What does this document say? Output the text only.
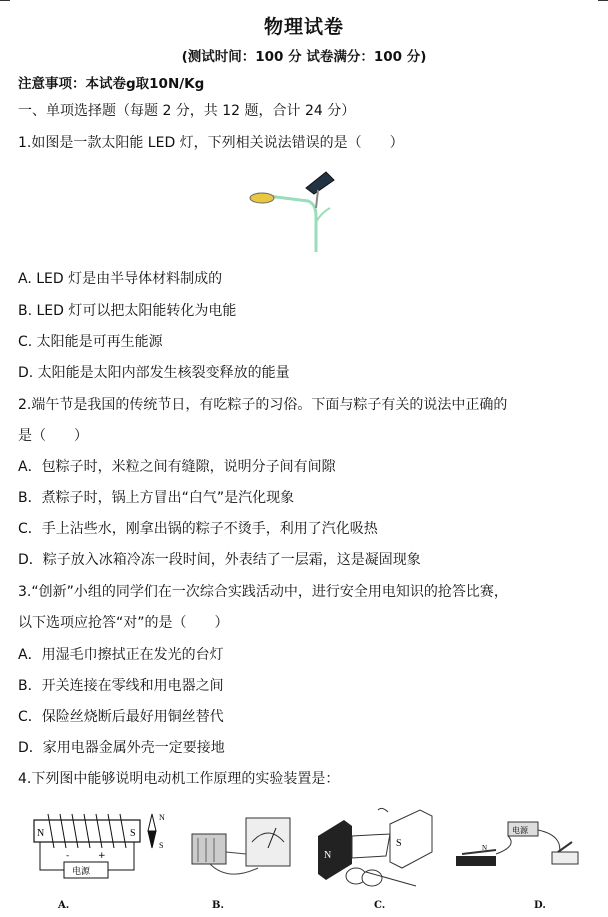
物理试卷
(测试时间：100 分 试卷满分：100 分)
注意事项：本试卷g取10N/Kg
一、单项选择题（每题 2 分，共 12 题，合计 24 分）
1.如图是一款太阳能 LED 灯，下列相关说法错误的是（　　）
A. LED 灯是由半导体材料制成的
B. LED 灯可以把太阳能转化为电能
C. 太阳能是可再生能源
D. 太阳能是太阳内部发生核裂变释放的能量
2.端午节是我国的传统节日，有吃粽子的习俗。下面与粽子有关的说法中正确的
是（　　）
A．包粽子时，米粒之间有缝隙，说明分子间有间隙
B．煮粽子时，锅上方冒出“白气”是汽化现象
C．手上沾些水，刚拿出锅的粽子不烫手，利用了汽化吸热
D．粽子放入冰箱冷冻一段时间，外表结了一层霜，这是凝固现象
3.“创新”小组的同学们在一次综合实践活动中，进行安全用电知识的抢答比赛，
以下选项应抢答“对”的是（　　）
A．用湿毛巾擦拭正在发光的台灯
B．开关连接在零线和用电器之间
C．保险丝烧断后最好用铜丝替代
D．家用电器金属外壳一定要接地
4.下列图中能够说明电动机工作原理的实验装置是：
N	S
N
S
电源
-	+	N
S
电源
N
A.	B.	C.	D.
